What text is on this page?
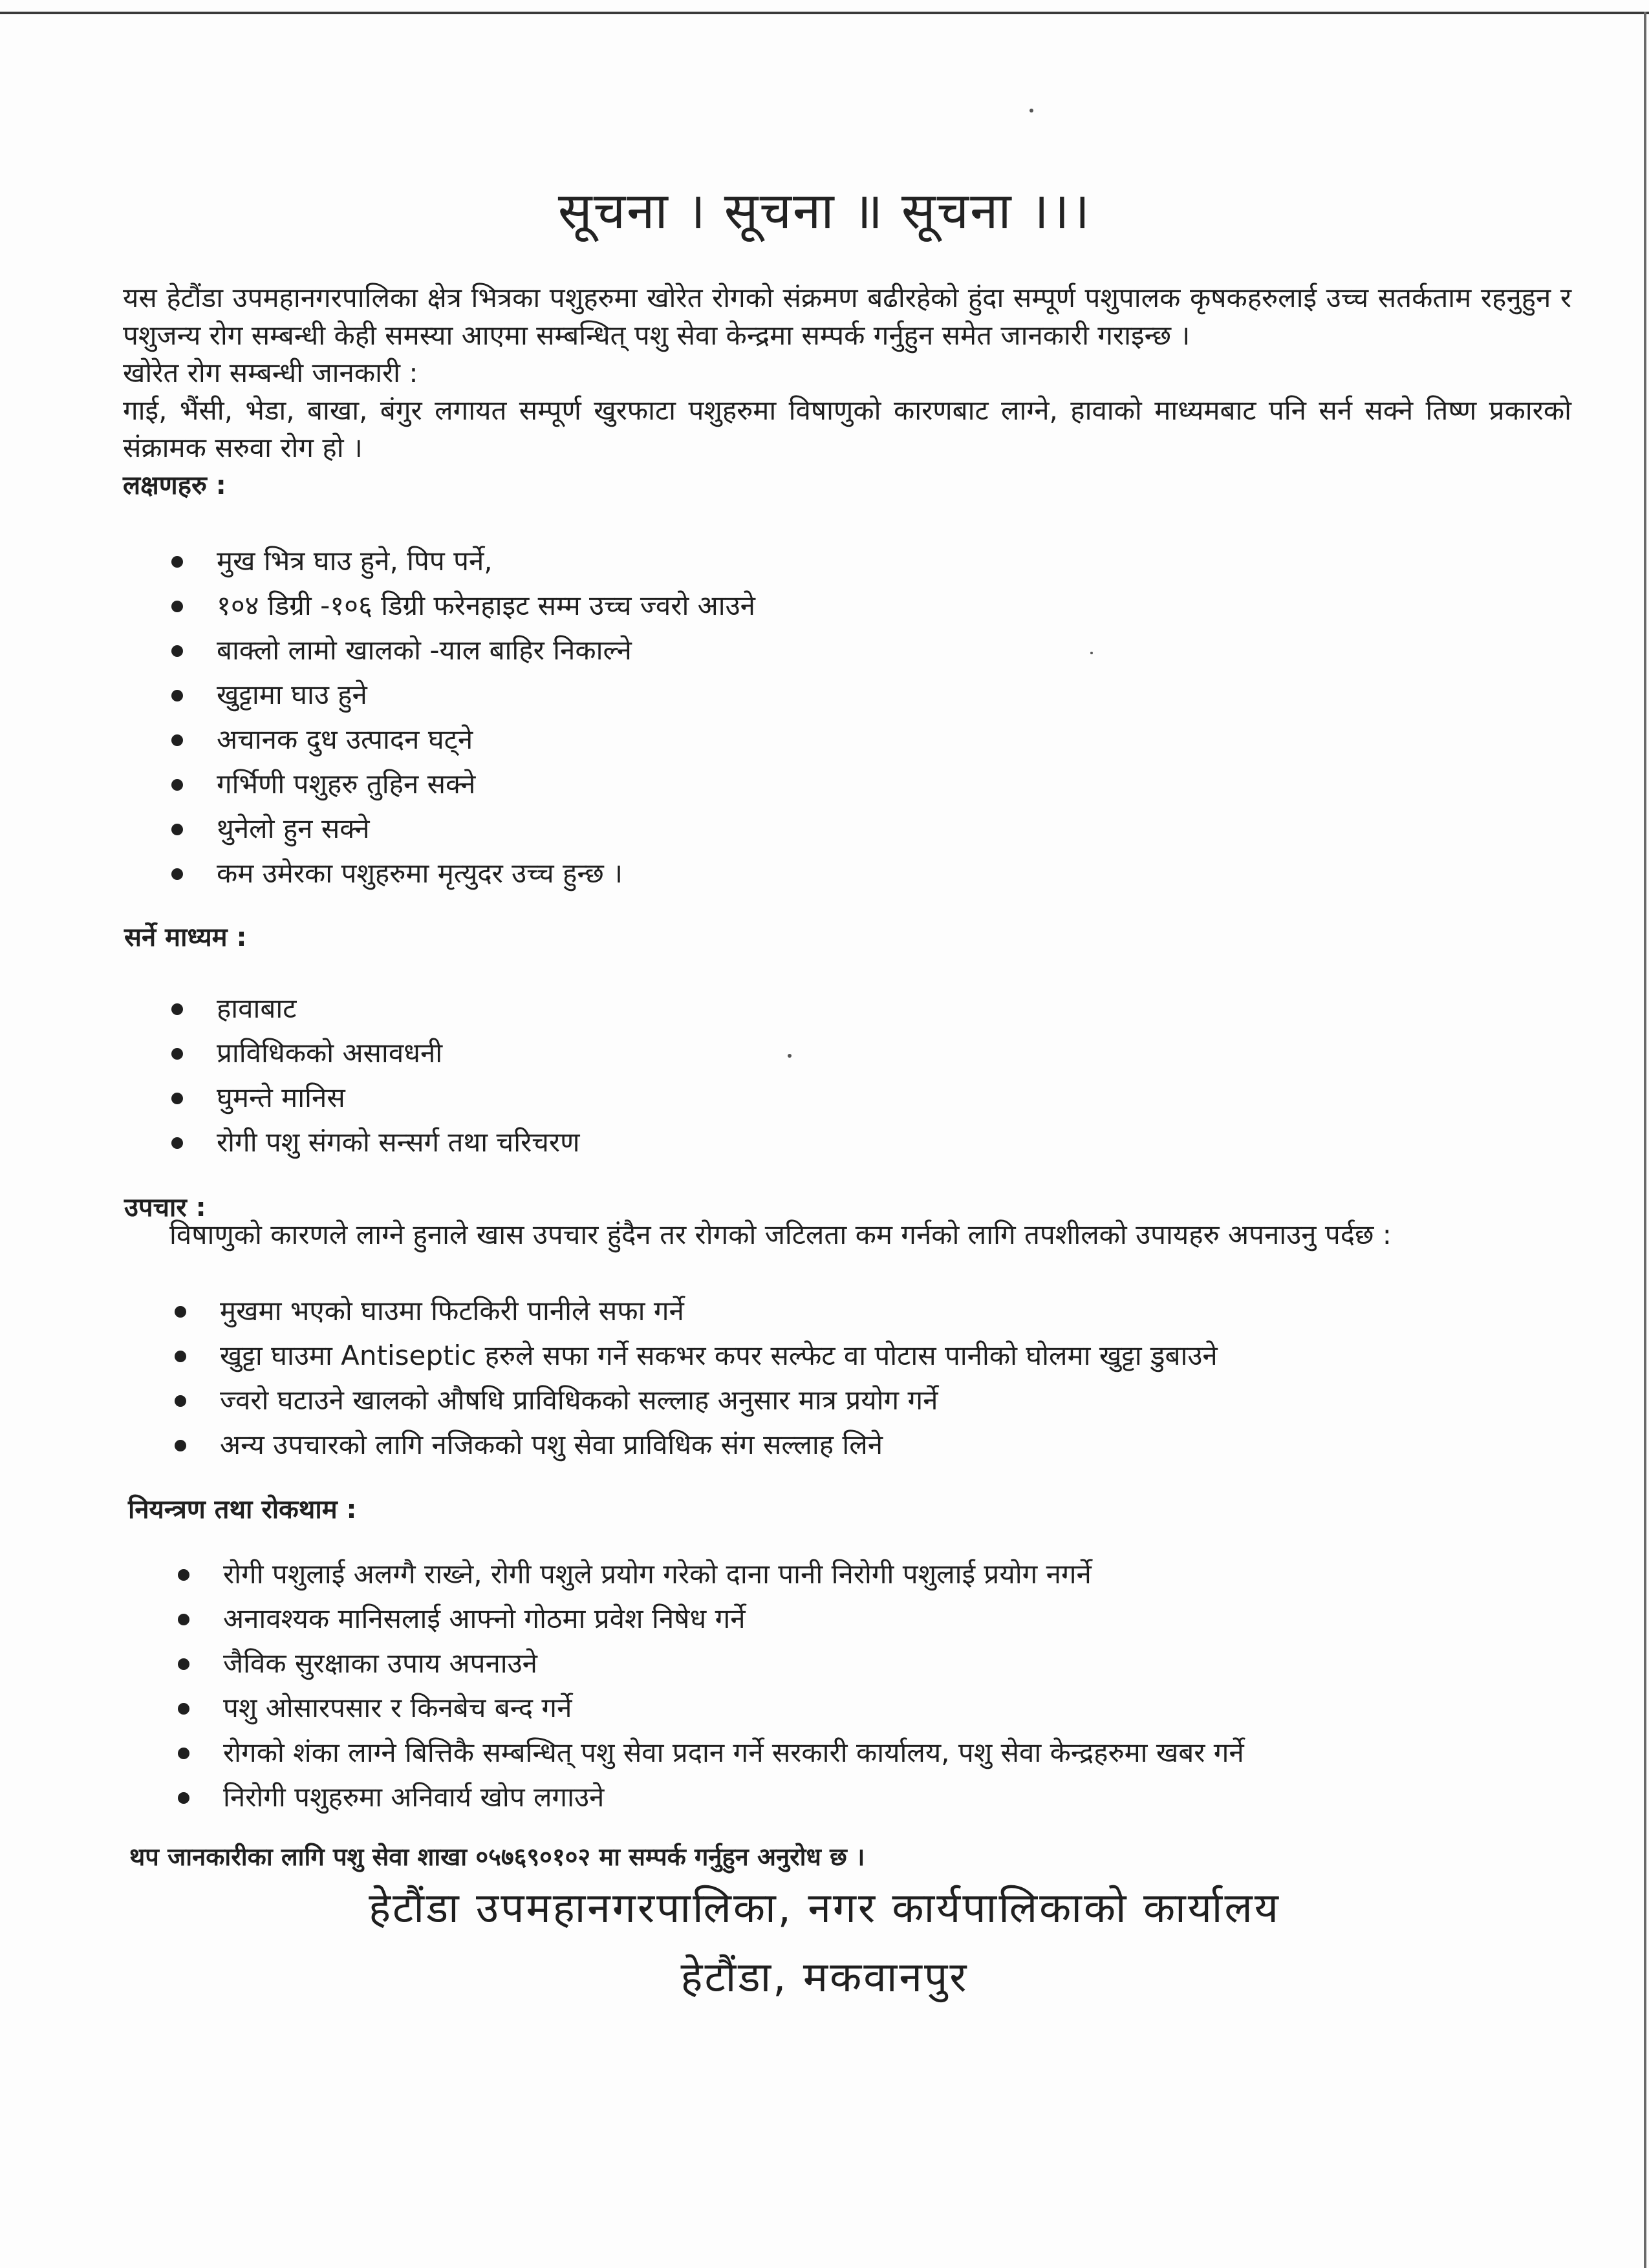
सूचना । सूचना ॥ सूचना ।।।

यस हेटौंडा उपमहानगरपालिका क्षेत्र भित्रका पशुहरुमा खोरेत रोगको संक्रमण बढीरहेको हुंदा सम्पूर्ण पशुपालक कृषकहरुलाई उच्च सतर्कताम रहनुहुन र पशुजन्य रोग सम्बन्धी केही समस्या आएमा सम्बन्धित् पशु सेवा केन्द्रमा सम्पर्क गर्नुहुन समेत जानकारी गराइन्छ ।

खोरेत रोग सम्बन्धी जानकारी :

गाई, भैंसी, भेडा, बाखा, बंगुर लगायत सम्पूर्ण खुरफाटा पशुहरुमा विषाणुको कारणबाट लाग्ने, हावाको माध्यमबाट पनि सर्न सक्ने तिष्ण प्रकारको संक्रामक सरुवा रोग हो ।

लक्षणहरु :

मुख भित्र घाउ हुने, पिप पर्ने,
१०४ डिग्री -१०६ डिग्री फरेनहाइट सम्म उच्च ज्वरो आउने
बाक्लो लामो खालको -याल बाहिर निकाल्ने
खुट्टामा घाउ हुने
अचानक दुध उत्पादन घट्ने
गर्भिणी पशुहरु तुहिन सक्ने
थुनेलो हुन सक्ने
कम उमेरका पशुहरुमा मृत्युदर उच्च हुन्छ ।
सर्ने माध्यम :
हावाबाट
प्राविधिकको असावधनी
घुमन्ते मानिस
रोगी पशु संगको सन्सर्ग तथा चरिचरण
उपचार :
विषाणुको कारणले लाग्ने हुनाले खास उपचार हुंदैन तर रोगको जटिलता कम गर्नको लागि तपशीलको उपायहरु अपनाउनु पर्दछ :
मुखमा भएको घाउमा फिटकिरी पानीले सफा गर्ने
खुट्टा घाउमा Antiseptic हरुले सफा गर्ने सकभर कपर सल्फेट वा पोटास पानीको घोलमा खुट्टा डुबाउने
ज्वरो घटाउने खालको औषधि प्राविधिकको सल्लाह अनुसार मात्र प्रयोग गर्ने
अन्य उपचारको लागि नजिकको पशु सेवा प्राविधिक संग सल्लाह लिने
नियन्त्रण तथा रोकथाम :
रोगी पशुलाई अलग्गै राख्ने, रोगी पशुले प्रयोग गरेको दाना पानी निरोगी पशुलाई प्रयोग नगर्ने
अनावश्यक मानिसलाई आफ्नो गोठमा प्रवेश निषेध गर्ने
जैविक सुरक्षाका उपाय अपनाउने
पशु ओसारपसार र किनबेच बन्द गर्ने
रोगको शंका लाग्ने बित्तिकै सम्बन्धित् पशु सेवा प्रदान गर्ने सरकारी कार्यालय, पशु सेवा केन्द्रहरुमा खबर गर्ने
निरोगी पशुहरुमा अनिवार्य खोप लगाउने
थप जानकारीका लागि पशु सेवा शाखा ०५७६९०१०२ मा सम्पर्क गर्नुहुन अनुरोध छ ।
हेटौंडा उपमहानगरपालिका, नगर कार्यपालिकाको कार्यालय
हेटौंडा, मकवानपुर
